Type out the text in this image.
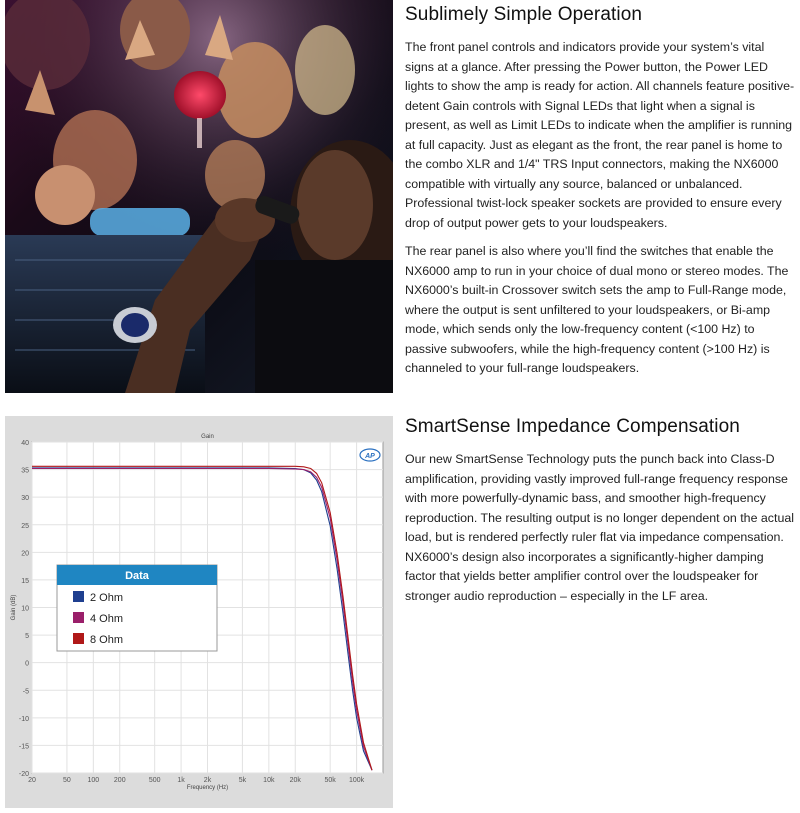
Sublimely Simple Operation

The front panel controls and indicators provide your system’s vital signs at a glance. After pressing the Power button, the Power LED lights to show the amp is ready for action. All channels feature positive-detent Gain controls with Signal LEDs that light when a signal is present, as well as Limit LEDs to indicate when the amplifier is running at full capacity. Just as elegant as the front, the rear panel is home to the combo XLR and 1/4" TRS Input connectors, making the NX6000 compatible with virtually any source, balanced or unbalanced. Professional twist-lock speaker sockets are provided to ensure every drop of output power gets to your loudspeakers.

The rear panel is also where you’ll find the switches that enable the NX6000 amp to run in your choice of dual mono or stereo modes. The NX6000’s built-in Crossover switch sets the amp to Full-Range mode, where the output is sent unfiltered to your loudspeakers, or Bi-amp mode, which sends only the low-frequency content (<100 Hz) to passive subwoofers, while the high-frequency content (>100 Hz) is channeled to your full-range loudspeakers.

SmartSense Impedance Compensation

Our new SmartSense Technology puts the punch back into Class-D amplification, providing vastly improved full-range frequency response with more powerfully-dynamic bass, and smoother high-frequency reproduction. The resulting output is no longer dependent on the actual load, but is rendered perfectly ruler flat via impedance compensation. NX6000’s design also incorporates a significantly-higher damping factor that yields better amplifier control over the loudspeaker for stronger audio reproduction – especially in the LF area.

-20
-15
-10
-5
0
5
10
15
20
25
30
35
40
20	50 100 200	500 1k	2k	5k 10k 20k	50k 100k
Gain
Frequency (Hz)
Gain (dB)
AP
Data
2 Ohm
4 Ohm
8 Ohm
